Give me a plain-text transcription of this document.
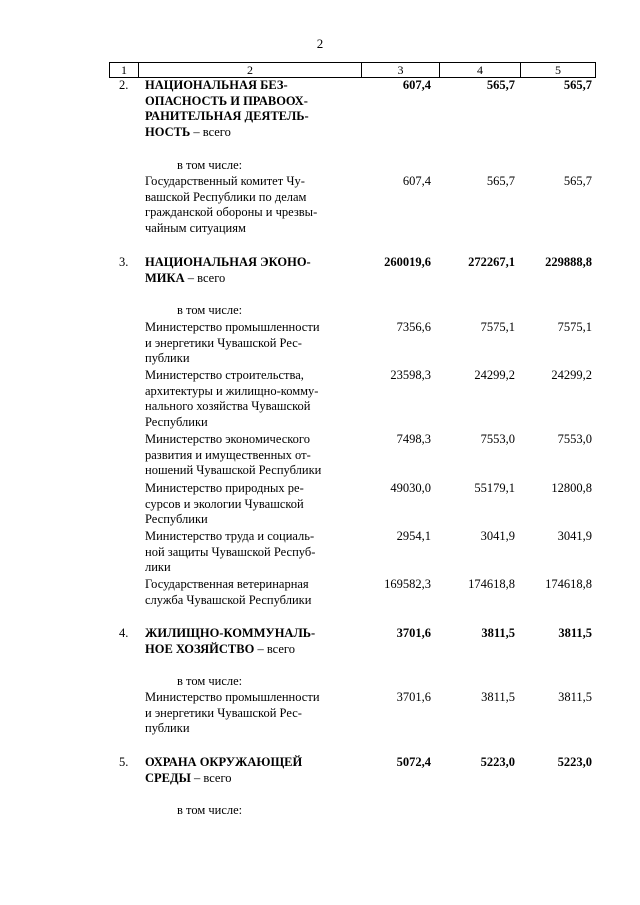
2
1	2	3	4	5
2. НАЦИОНАЛЬНАЯ БЕЗ-
ОПАСНОСТЬ И ПРАВООХ-
РАНИТЕЛЬНАЯ ДЕЯТЕЛЬ-
НОСТЬ – всего
607,4	565,7	565,7
в том числе:
Государственный комитет Чу-
вашской Республики по делам
гражданской обороны и чрезвы-
чайным ситуациям
607,4	565,7	565,7
3. НАЦИОНАЛЬНАЯ ЭКОНО-
МИКА – всего
260019,6	272267,1 229888,8
в том числе:
Министерство промышленности
и энергетики Чувашской Рес-
публики
7356,6	7575,1	7575,1
Министерство строительства,
архитектуры и жилищно-комму-
нального хозяйства Чувашской
Республики
23598,3	24299,2	24299,2
Министерство экономического
развития и имущественных от-
ношений Чувашской Республики
7498,3	7553,0	7553,0
Министерство природных ре-
сурсов и экологии Чувашской
Республики
49030,0	55179,1	12800,8
Министерство труда и социаль-
ной защиты Чувашской Респуб-
лики
2954,1	3041,9	3041,9
Государственная ветеринарная
служба Чувашской Республики
169582,3	174618,8 174618,8
4. ЖИЛИЩНО-КОММУНАЛЬ-
НОЕ ХОЗЯЙСТВО – всего
3701,6	3811,5	3811,5
в том числе:
Министерство промышленности
и энергетики Чувашской Рес-
публики
3701,6	3811,5	3811,5
5. ОХРАНА ОКРУЖАЮЩЕЙ
СРЕДЫ – всего
5072,4	5223,0	5223,0
в том числе:
